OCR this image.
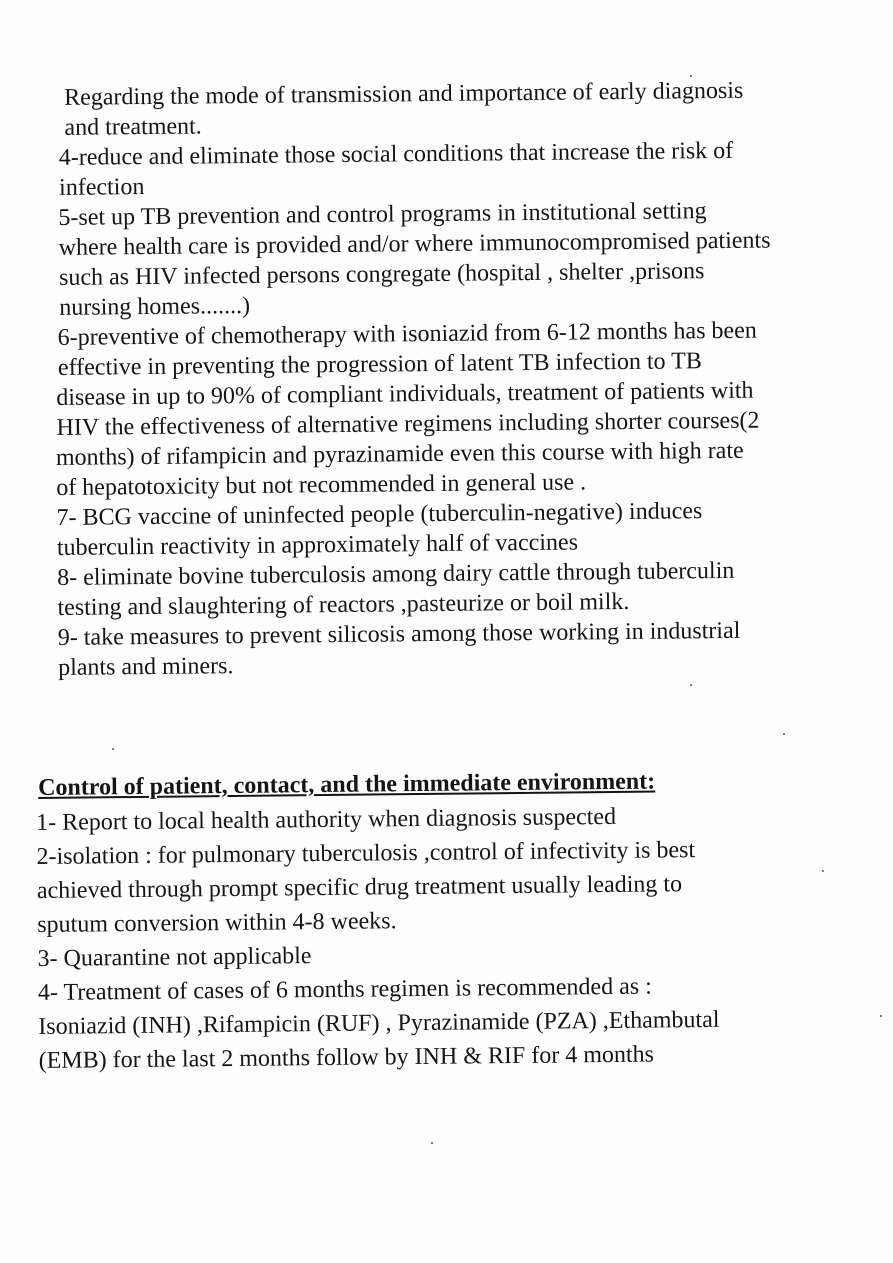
Regarding the mode of transmission and importance of early diagnosis
and treatment.
4-reduce and eliminate those social conditions that increase the risk of
infection
5-set up TB prevention and control programs in institutional setting
where health care is provided and/or where immunocompromised patients
such as HIV infected persons congregate (hospital , shelter ,prisons
nursing homes.......)
6-preventive of chemotherapy with isoniazid from 6-12 months has been
effective in preventing the progression of latent TB infection to TB
disease in up to 90% of compliant individuals, treatment of patients with
HIV the effectiveness of alternative regimens including shorter courses(2
months) of rifampicin and pyrazinamide even this course with high rate
of hepatotoxicity but not recommended in general use .
7- BCG vaccine of uninfected people (tuberculin-negative) induces
tuberculin reactivity in approximately half of vaccines
8- eliminate bovine tuberculosis among dairy cattle through tuberculin
testing and slaughtering of reactors ,pasteurize or boil milk.
9- take measures to prevent silicosis among those working in industrial
plants and miners.
Control of patient, contact, and the immediate environment:
1- Report to local health authority when diagnosis suspected
2-isolation : for pulmonary tuberculosis ,control of infectivity is best
achieved through prompt specific drug treatment usually leading to
sputum conversion within 4-8 weeks.
3- Quarantine not applicable
4- Treatment of cases of 6 months regimen is recommended as :
Isoniazid (INH) ,Rifampicin (RUF) , Pyrazinamide (PZA) ,Ethambutal
(EMB) for the last 2 months follow by INH & RIF for 4 months
